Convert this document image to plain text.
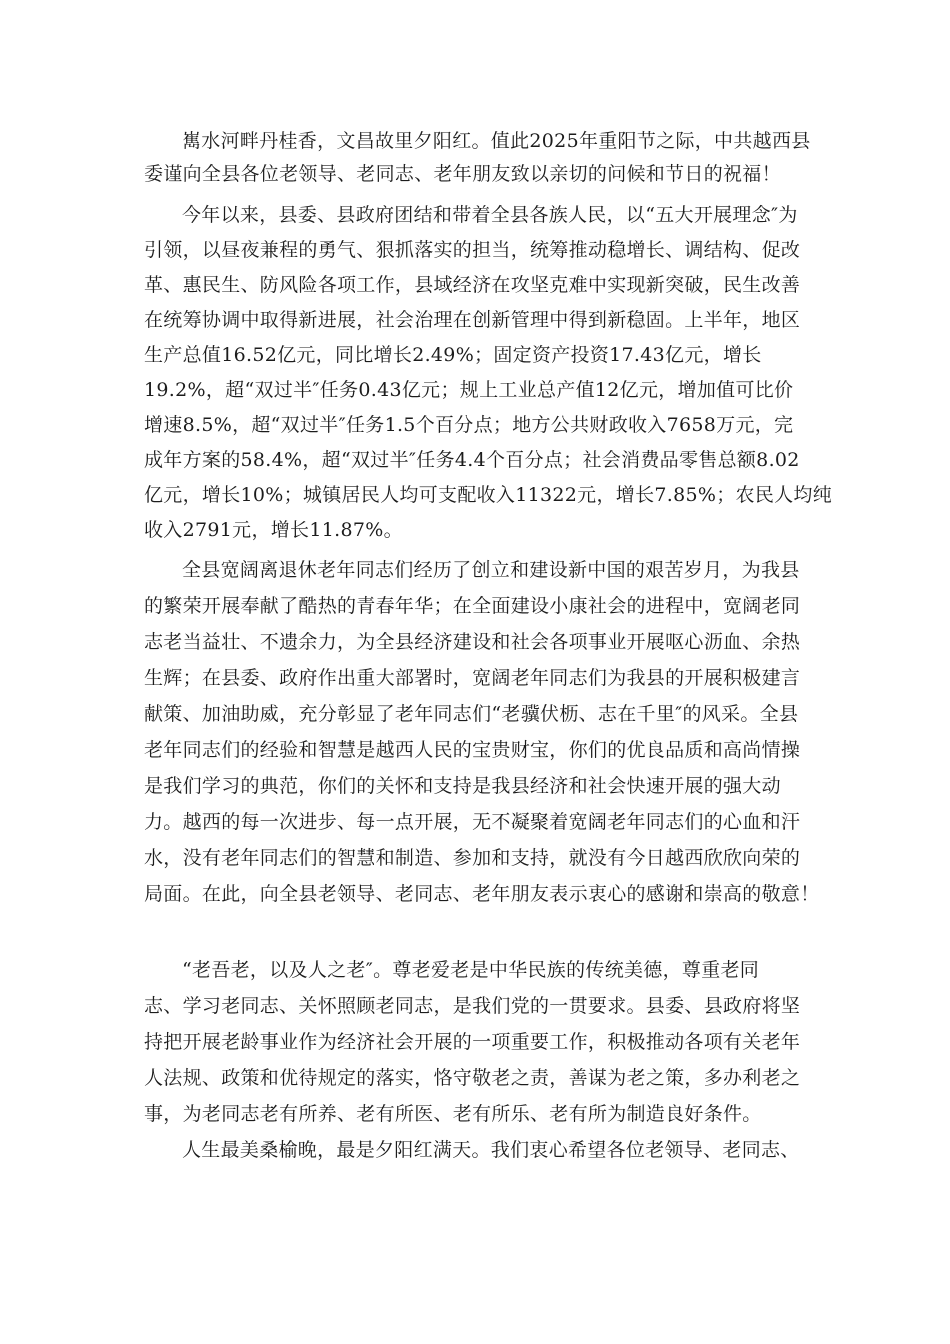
嶲水河畔丹桂香，文昌故里夕阳红。值此2025年重阳节之际，中共越西县
委谨向全县各位老领导、老同志、老年朋友致以亲切的问候和节日的祝福！
今年以来，县委、县政府团结和带着全县各族人民，以“五大开展理念″为
引领，以昼夜兼程的勇气、狠抓落实的担当，统筹推动稳增长、调结构、促改
革、惠民生、防风险各项工作，县域经济在攻坚克难中实现新突破，民生改善
在统筹协调中取得新进展，社会治理在创新管理中得到新稳固。上半年，地区
生产总值16.52亿元，同比增长2.49%；固定资产投资17.43亿元，增长
19.2%，超“双过半″任务0.43亿元；规上工业总产值12亿元，增加值可比价
增速8.5%，超“双过半″任务1.5个百分点；地方公共财政收入7658万元，完
成年方案的58.4%，超“双过半″任务4.4个百分点；社会消费品零售总额8.02
亿元，增长10%；城镇居民人均可支配收入11322元，增长7.85%；农民人均纯
收入2791元，增长11.87%。
全县宽阔离退休老年同志们经历了创立和建设新中国的艰苦岁月，为我县
的繁荣开展奉献了酷热的青春年华；在全面建设小康社会的进程中，宽阔老同
志老当益壮、不遗余力，为全县经济建设和社会各项事业开展呕心沥血、余热
生辉；在县委、政府作出重大部署时，宽阔老年同志们为我县的开展积极建言
献策、加油助威，充分彰显了老年同志们“老骥伏枥、志在千里″的风采。全县
老年同志们的经验和智慧是越西人民的宝贵财宝，你们的优良品质和高尚情操
是我们学习的典范，你们的关怀和支持是我县经济和社会快速开展的强大动
力。越西的每一次进步、每一点开展，无不凝聚着宽阔老年同志们的心血和汗
水，没有老年同志们的智慧和制造、参加和支持，就没有今日越西欣欣向荣的
局面。在此，向全县老领导、老同志、老年朋友表示衷心的感谢和崇高的敬意！
“老吾老，以及人之老″。尊老爱老是中华民族的传统美德，尊重老同
志、学习老同志、关怀照顾老同志，是我们党的一贯要求。县委、县政府将坚
持把开展老龄事业作为经济社会开展的一项重要工作，积极推动各项有关老年
人法规、政策和优待规定的落实，恪守敬老之责，善谋为老之策，多办利老之
事，为老同志老有所养、老有所医、老有所乐、老有所为制造良好条件。
人生最美桑榆晚，最是夕阳红满天。我们衷心希望各位老领导、老同志、
